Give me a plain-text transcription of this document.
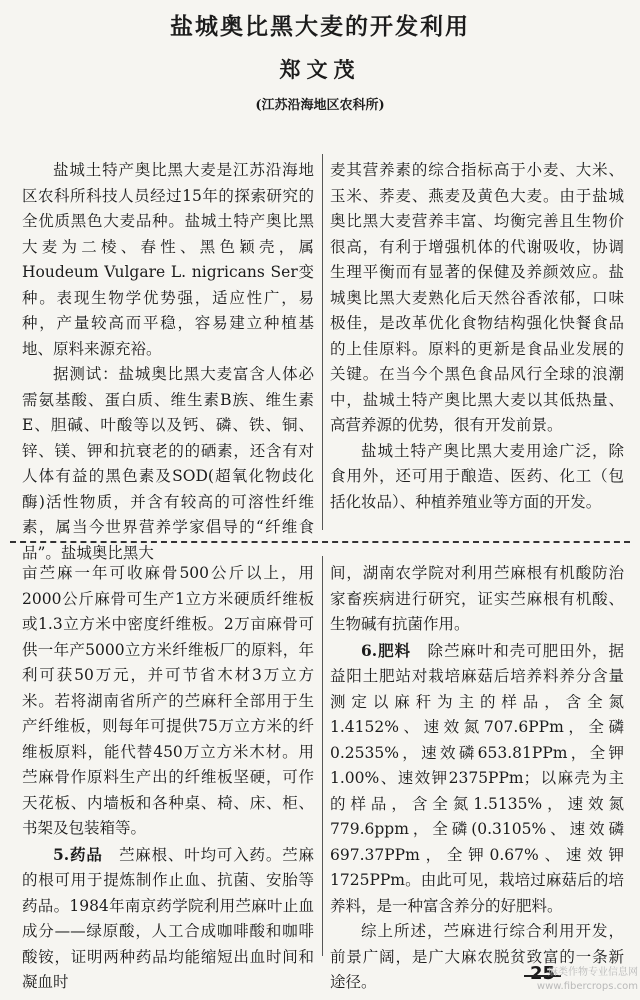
盐城奥比黑大麦的开发利用
郑文茂
(江苏沿海地区农科所)

盐城土特产奥比黑大麦是江苏沿海地区农科所科技人员经过15年的探索研究的全优质黑色大麦品种。盐城土特产奥比黑大麦为二棱、春性、黑色颖壳，属Houdeum Vulgare L. nigricans Ser变种。表现生物学优势强，适应性广，易种，产量较高而平稳，容易建立种植基地、原料来源充裕。

据测试：盐城奥比黑大麦富含人体必需氨基酸、蛋白质、维生素B族、维生素E、胆碱、叶酸等以及钙、磷、铁、铜、锌、镁、钾和抗衰老的的硒素，还含有对人体有益的黑色素及SOD(超氧化物歧化酶)活性物质，并含有较高的可溶性纤维素，属当今世界营养学家倡导的“纤维食品”。盐城奥比黑大

麦其营养素的综合指标高于小麦、大米、玉米、荞麦、燕麦及黄色大麦。由于盐城奥比黑大麦营养丰富、均衡完善且生物价很高，有利于增强机体的代谢吸收，协调生理平衡而有显著的保健及养颜效应。盐城奥比黑大麦熟化后天然谷香浓郁，口味极佳，是改革优化食物结构强化快餐食品的上佳原料。原料的更新是食品业发展的关键。在当今个黑色食品风行全球的浪潮中，盐城土特产奥比黑大麦以其低热量、高营养源的优势，很有开发前景。

盐城土特产奥比黑大麦用途广泛，除食用外，还可用于酿造、医药、化工（包括化妆品）、种植养殖业等方面的开发。

亩苎麻一年可收麻骨500公斤以上，用2000公斤麻骨可生产1立方米硬质纤维板或1.3立方米中密度纤维板。2万亩麻骨可供一年产5000立方米纤维板厂的原料，年利可获50万元，并可节省木材3万立方米。若将湖南省所产的苎麻秆全部用于生产纤维板，则每年可提供75万立方米的纤维板原料，能代替450万立方米木材。用苎麻骨作原料生产出的纤维板坚硬，可作天花板、内墙板和各种桌、椅、床、柜、书架及包装箱等。

5.药品　 苎麻根、叶均可入药。苎麻的根可用于提炼制作止血、抗菌、安胎等药品。1984年南京药学院利用苎麻叶止血成分——绿原酸，人工合成咖啡酸和咖啡酸铵，证明两种药品均能缩短出血时间和凝血时

间，湖南农学院对利用苎麻根有机酸防治家畜疾病进行研究，证实苎麻根有机酸、生物碱有抗菌作用。

6.肥料　 除苎麻叶和壳可肥田外，据益阳土肥站对栽培麻菇后培养料养分含量测定以麻秆为主的样品，含全氮1.4152%、速效氮707.6PPm，全磷0.2535%，速效磷653.81PPm，全钾1.00%、速效钾2375PPm；以麻壳为主的样品，含全氮1.5135%，速效氮779.6ppm，全磷(0.3105%、速效磷697.37PPm，全钾0.67%、速效钾1725PPm。由此可见，栽培过麻菇后的培养料，是一种富含养分的好肥料。

综上所述，苎麻进行综合利用开发，前景广阔，是广大麻农脱贫致富的一条新途径。	25
麻类作物专业信息网
www.fibercrops.com
